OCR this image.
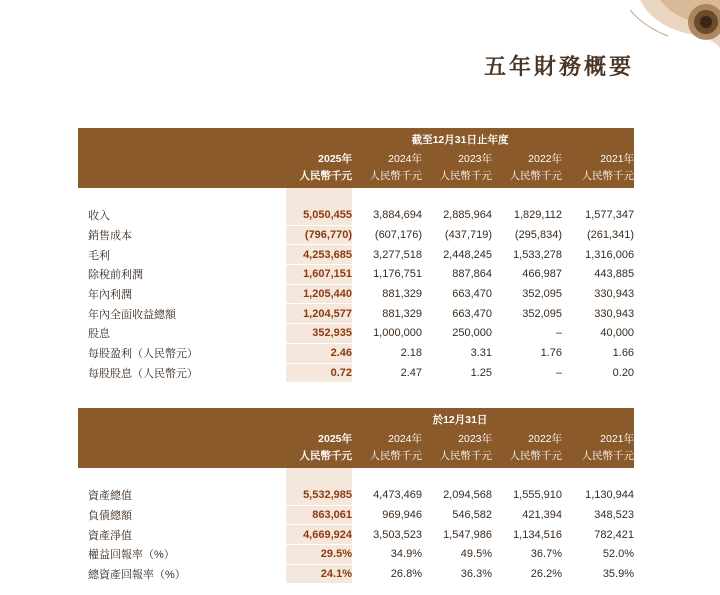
五年財務概要
	截至12月31日止年度				
	2025年	2024年	2023年	2022年	2021年
	人民幣千元	人民幣千元	人民幣千元	人民幣千元	人民幣千元

收入	5,050,455	3,884,694	2,885,964	1,829,112	1,577,347
銷售成本	(796,770)	(607,176)	(437,719)	(295,834)	(261,341)
毛利	4,253,685	3,277,518	2,448,245	1,533,278	1,316,006
除稅前利潤	1,607,151	1,176,751	887,864	466,987	443,885
年內利潤	1,205,440	881,329	663,470	352,095	330,943
年內全面收益總額	1,204,577	881,329	663,470	352,095	330,943
股息	352,935	1,000,000	250,000	–	40,000
每股盈利（人民幣元）	2.46	2.18	3.31	1.76	1.66
每股股息（人民幣元）	0.72	2.47	1.25	–	0.20

	於12月31日				
	2025年	2024年	2023年	2022年	2021年
	人民幣千元	人民幣千元	人民幣千元	人民幣千元	人民幣千元

資產總值	5,532,985	4,473,469	2,094,568	1,555,910	1,130,944
負債總額	863,061	969,946	546,582	421,394	348,523
資產淨值	4,669,924	3,503,523	1,547,986	1,134,516	782,421
權益回報率（%）	29.5%	34.9%	49.5%	36.7%	52.0%
總資產回報率（%）	24.1%	26.8%	36.3%	26.2%	35.9%
